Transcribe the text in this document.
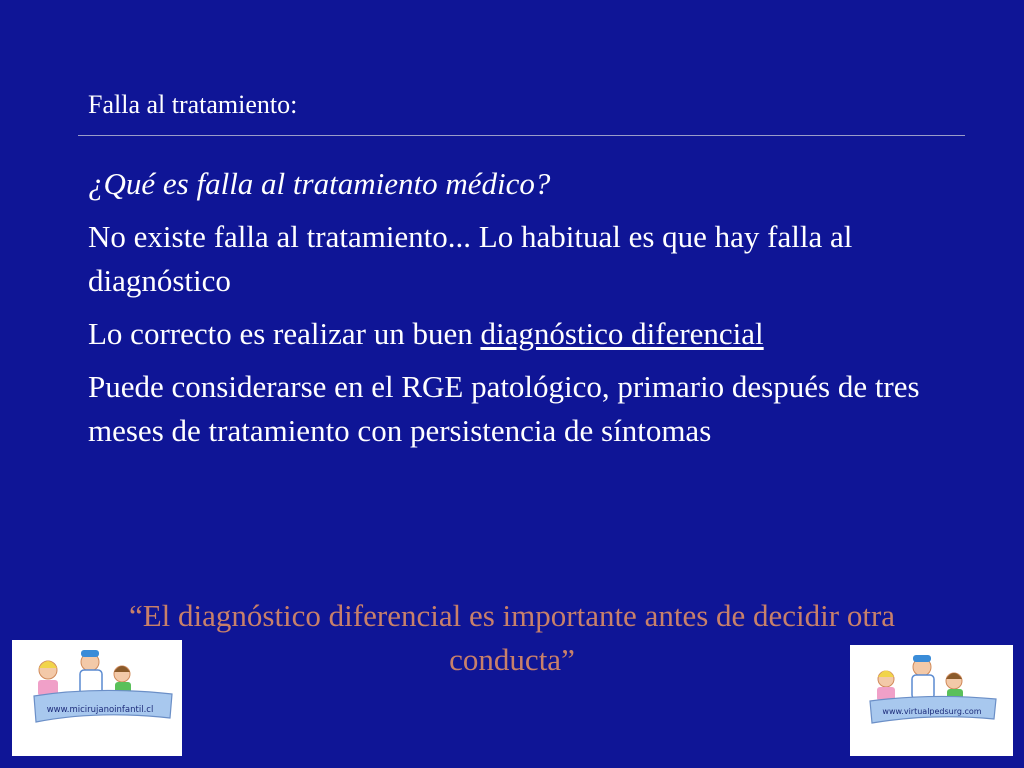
Falla al tratamiento:

¿Qué es falla al tratamiento médico?

No existe falla al tratamiento... Lo habitual es que hay falla al diagnóstico

Lo correcto es realizar un buen diagnóstico diferencial

Puede considerarse en el RGE patológico, primario después de tres meses de tratamiento con persistencia de síntomas

“El diagnóstico diferencial es importante antes de decidir otra conducta”
www.micirujanoinfantil.cl	www.virtualpedsurg.com
